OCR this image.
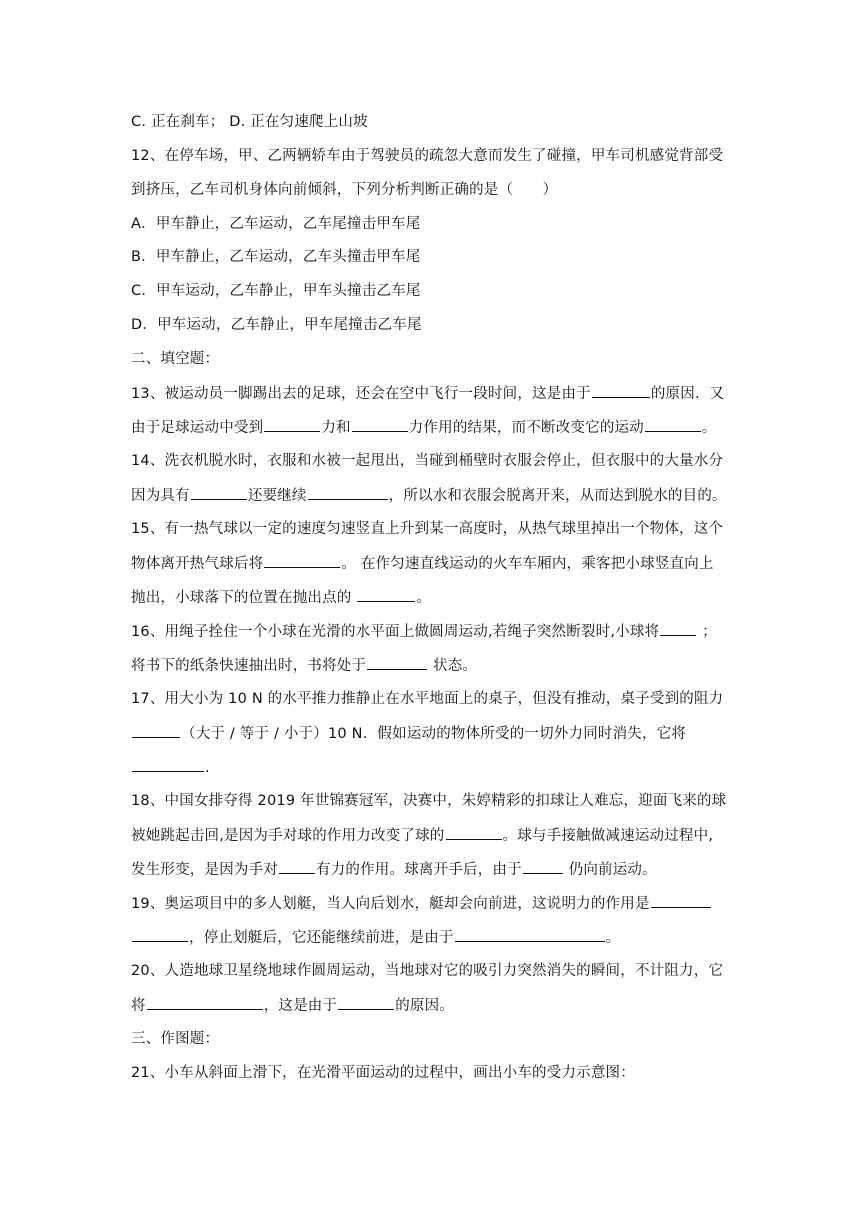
C. 正在刹车； D. 正在匀速爬上山坡
12、在停车场，甲、乙两辆轿车由于驾驶员的疏忽大意而发生了碰撞，甲车司机感觉背部受
到挤压，乙车司机身体向前倾斜，下列分析判断正确的是（　　）
A．甲车静止，乙车运动，乙车尾撞击甲车尾
B．甲车静止，乙车运动，乙车头撞击甲车尾
C．甲车运动，乙车静止，甲车头撞击乙车尾
D．甲车运动，乙车静止，甲车尾撞击乙车尾
二、填空题：
13、被运动员一脚踢出去的足球，还会在空中飞行一段时间，这是由于	的原因．又
由于足球运动中受到	力和	力作用的结果，而不断改变它的运动	。
14、洗衣机脱水时，衣服和水被一起甩出，当碰到桶壁时衣服会停止，但衣服中的大量水分
因为具有	还要继续	，所以水和衣服会脱离开来，从而达到脱水的目的。
15、有一热气球以一定的速度匀速竖直上升到某一高度时，从热气球里掉出一个物体，这个
物体离开热气球后将	。 在作匀速直线运动的火车车厢内，乘客把小球竖直向上
抛出，小球落下的位置在抛出点的	。
16、用绳子拴住一个小球在光滑的水平面上做圆周运动,若绳子突然断裂时,小球将	；
将书下的纸条快速抽出时，书将处于	状态。
17、用大小为 10 N 的水平推力推静止在水平地面上的桌子，但没有推动，桌子受到的阻力
（大于 / 等于 / 小于）10 N．假如运动的物体所受的一切外力同时消失，它将
.
18、中国女排夺得 2019 年世锦赛冠军，决赛中，朱婷精彩的扣球让人难忘，迎面飞来的球
被她跳起击回,是因为手对球的作用力改变了球的	。球与手接触做减速运动过程中,
发生形变，是因为手对	有力的作用。球离开手后，由于	仍向前运动。
19、奥运项目中的多人划艇，当人向后划水，艇却会向前进，这说明力的作用是
，停止划艇后，它还能继续前进，是由于	。
20、人造地球卫星绕地球作圆周运动，当地球对它的吸引力突然消失的瞬间，不计阻力，它
将	，这是由于	的原因。
三、作图题：
21、小车从斜面上滑下，在光滑平面运动的过程中，画出小车的受力示意图：
